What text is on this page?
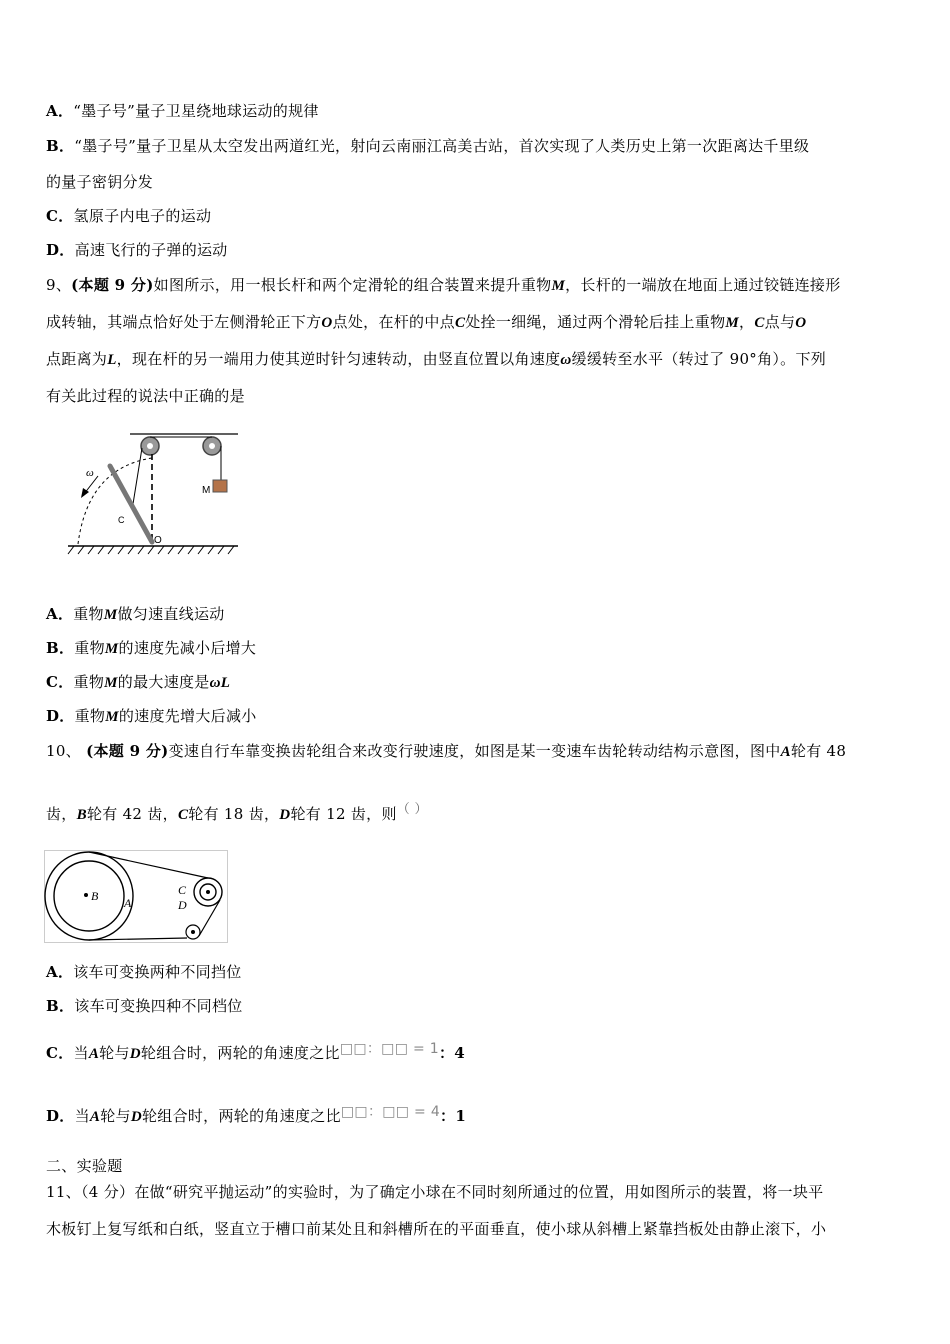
A．“墨子号”量子卫星绕地球运动的规律
B．“墨子号”量子卫星从太空发出两道红光，射向云南丽江高美古站，首次实现了人类历史上第一次距离达千里级
的量子密钥分发
C．氢原子内电子的运动
D．高速飞行的子弹的运动
9、(本题 9 分)如图所示，用一根长杆和两个定滑轮的组合装置来提升重物M，长杆的一端放在地面上通过铰链连接形
成转轴，其端点恰好处于左侧滑轮正下方O点处，在杆的中点C处拴一细绳，通过两个滑轮后挂上重物M，C点与O
点距离为L，现在杆的另一端用力使其逆时针匀速转动，由竖直位置以角速度ω缓缓转至水平（转过了 90°角）。下列
有关此过程的说法中正确的是
ω
M
C
O
A．重物M做匀速直线运动
B．重物M的速度先减小后增大
C．重物M的最大速度是ωL
D．重物M的速度先增大后减小
10、 (本题 9 分)变速自行车靠变换齿轮组合来改变行驶速度，如图是某一变速车齿轮转动结构示意图，图中A轮有 48
齿，B轮有 42 齿，C轮有 18 齿，D轮有 12 齿，则（ ）
B A
C
D
A．该车可变换两种不同挡位
B．该车可变换四种不同档位
C．当A轮与D轮组合时，两轮的角速度之比□□：□□ = 1：4
D．当A轮与D轮组合时，两轮的角速度之比□□：□□ = 4：1
二、实验题
11、（4 分）在做“研究平抛运动”的实验时，为了确定小球在不同时刻所通过的位置，用如图所示的装置，将一块平
木板钉上复写纸和白纸，竖直立于槽口前某处且和斜槽所在的平面垂直，使小球从斜槽上紧靠挡板处由静止滚下，小
